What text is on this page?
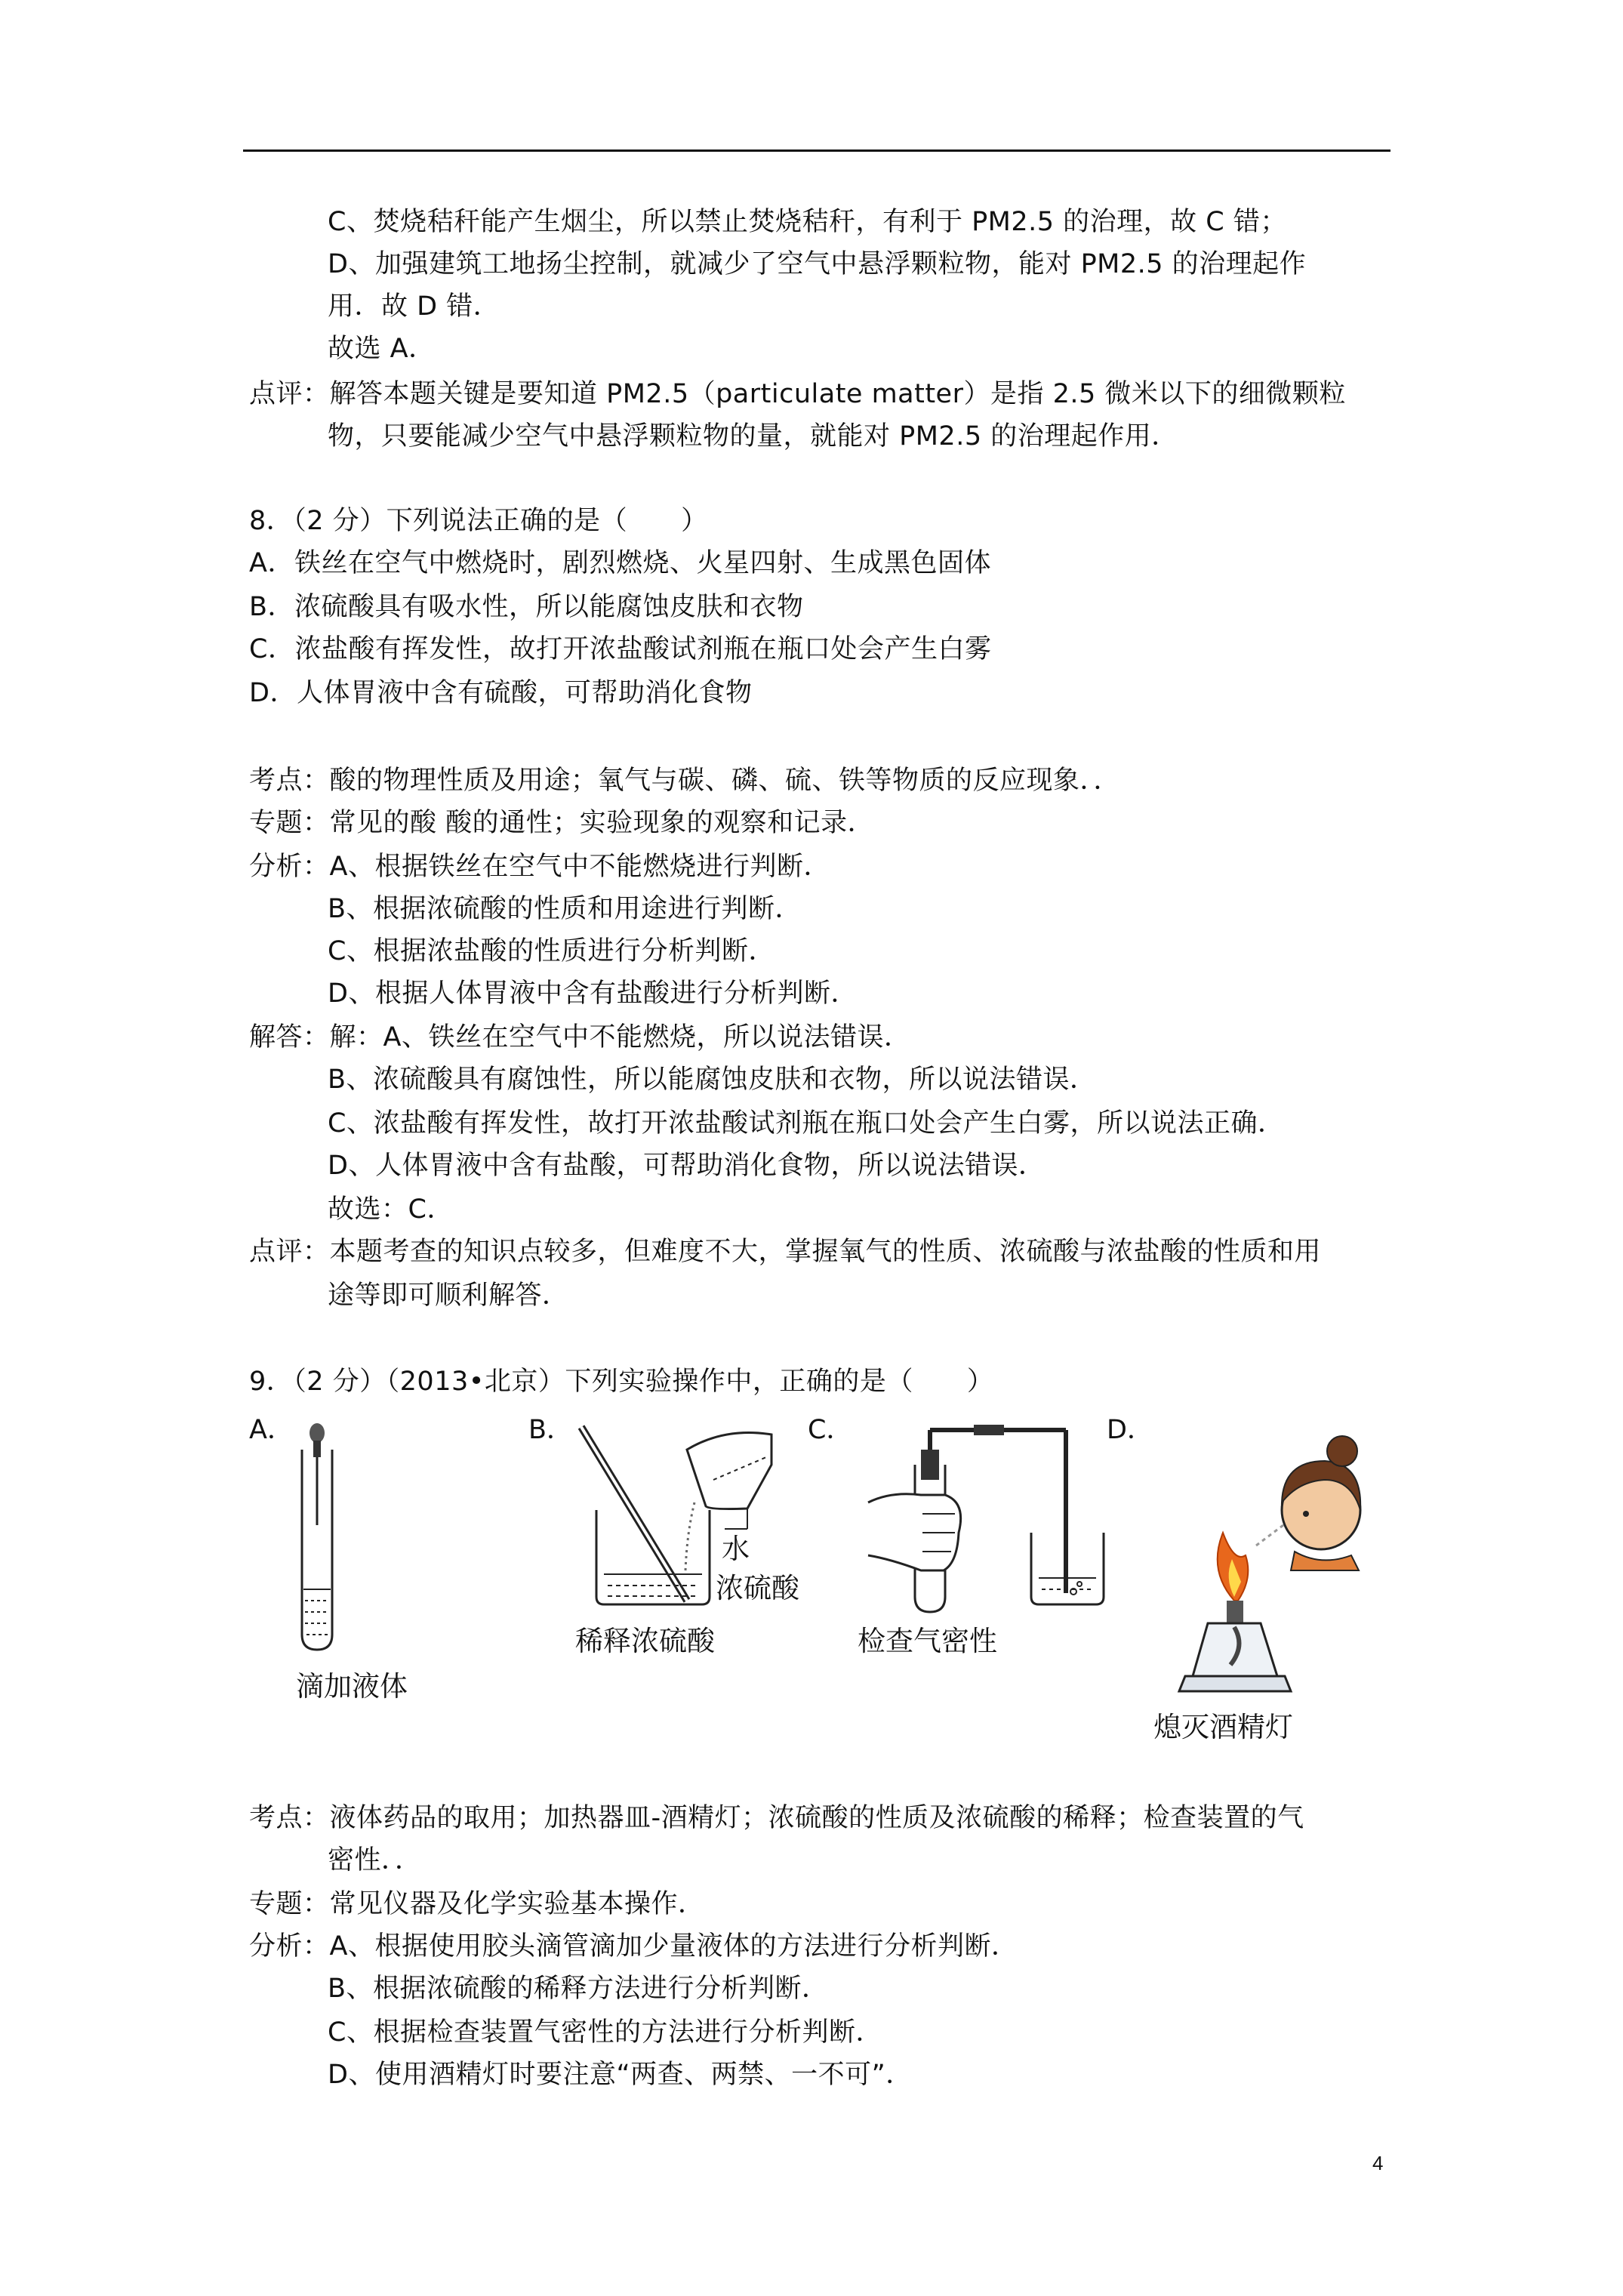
C、焚烧秸秆能产生烟尘，所以禁止焚烧秸秆，有利于 PM2.5 的治理，故 C 错；
D、加强建筑工地扬尘控制，就减少了空气中悬浮颗粒物，能对 PM2.5 的治理起作
用．故 D 错．
故选 A．
点评：解答本题关键是要知道 PM2.5（particulate matter）是指 2.5 微米以下的细微颗粒
物，只要能减少空气中悬浮颗粒物的量，就能对 PM2.5 的治理起作用．
8．（2 分）下列说法正确的是（　　）
A．铁丝在空气中燃烧时，剧烈燃烧、火星四射、生成黑色固体
B．浓硫酸具有吸水性，所以能腐蚀皮肤和衣物
C．浓盐酸有挥发性，故打开浓盐酸试剂瓶在瓶口处会产生白雾
D．人体胃液中含有硫酸，可帮助消化食物
考点：酸的物理性质及用途；氧气与碳、磷、硫、铁等物质的反应现象．．
专题：常见的酸 酸的通性；实验现象的观察和记录．
分析：A、根据铁丝在空气中不能燃烧进行判断．
B、根据浓硫酸的性质和用途进行判断．
C、根据浓盐酸的性质进行分析判断．
D、根据人体胃液中含有盐酸进行分析判断．
解答：解：A、铁丝在空气中不能燃烧，所以说法错误．
B、浓硫酸具有腐蚀性，所以能腐蚀皮肤和衣物，所以说法错误．
C、浓盐酸有挥发性，故打开浓盐酸试剂瓶在瓶口处会产生白雾，所以说法正确．
D、人体胃液中含有盐酸，可帮助消化食物，所以说法错误．
故选：C．
点评：本题考查的知识点较多，但难度不大，掌握氧气的性质、浓硫酸与浓盐酸的性质和用
途等即可顺利解答．
9．（2 分）（2013•北京）下列实验操作中，正确的是（　　）
A．	B．	C．	D．
滴加液体
水
浓硫酸
稀释浓硫酸	检查气密性
熄灭酒精灯
考点：液体药品的取用；加热器皿-酒精灯；浓硫酸的性质及浓硫酸的稀释；检查装置的气
密性．．
专题：常见仪器及化学实验基本操作．
分析：A、根据使用胶头滴管滴加少量液体的方法进行分析判断．
B、根据浓硫酸的稀释方法进行分析判断．
C、根据检查装置气密性的方法进行分析判断．
D、使用酒精灯时要注意“两查、两禁、一不可”．
4
